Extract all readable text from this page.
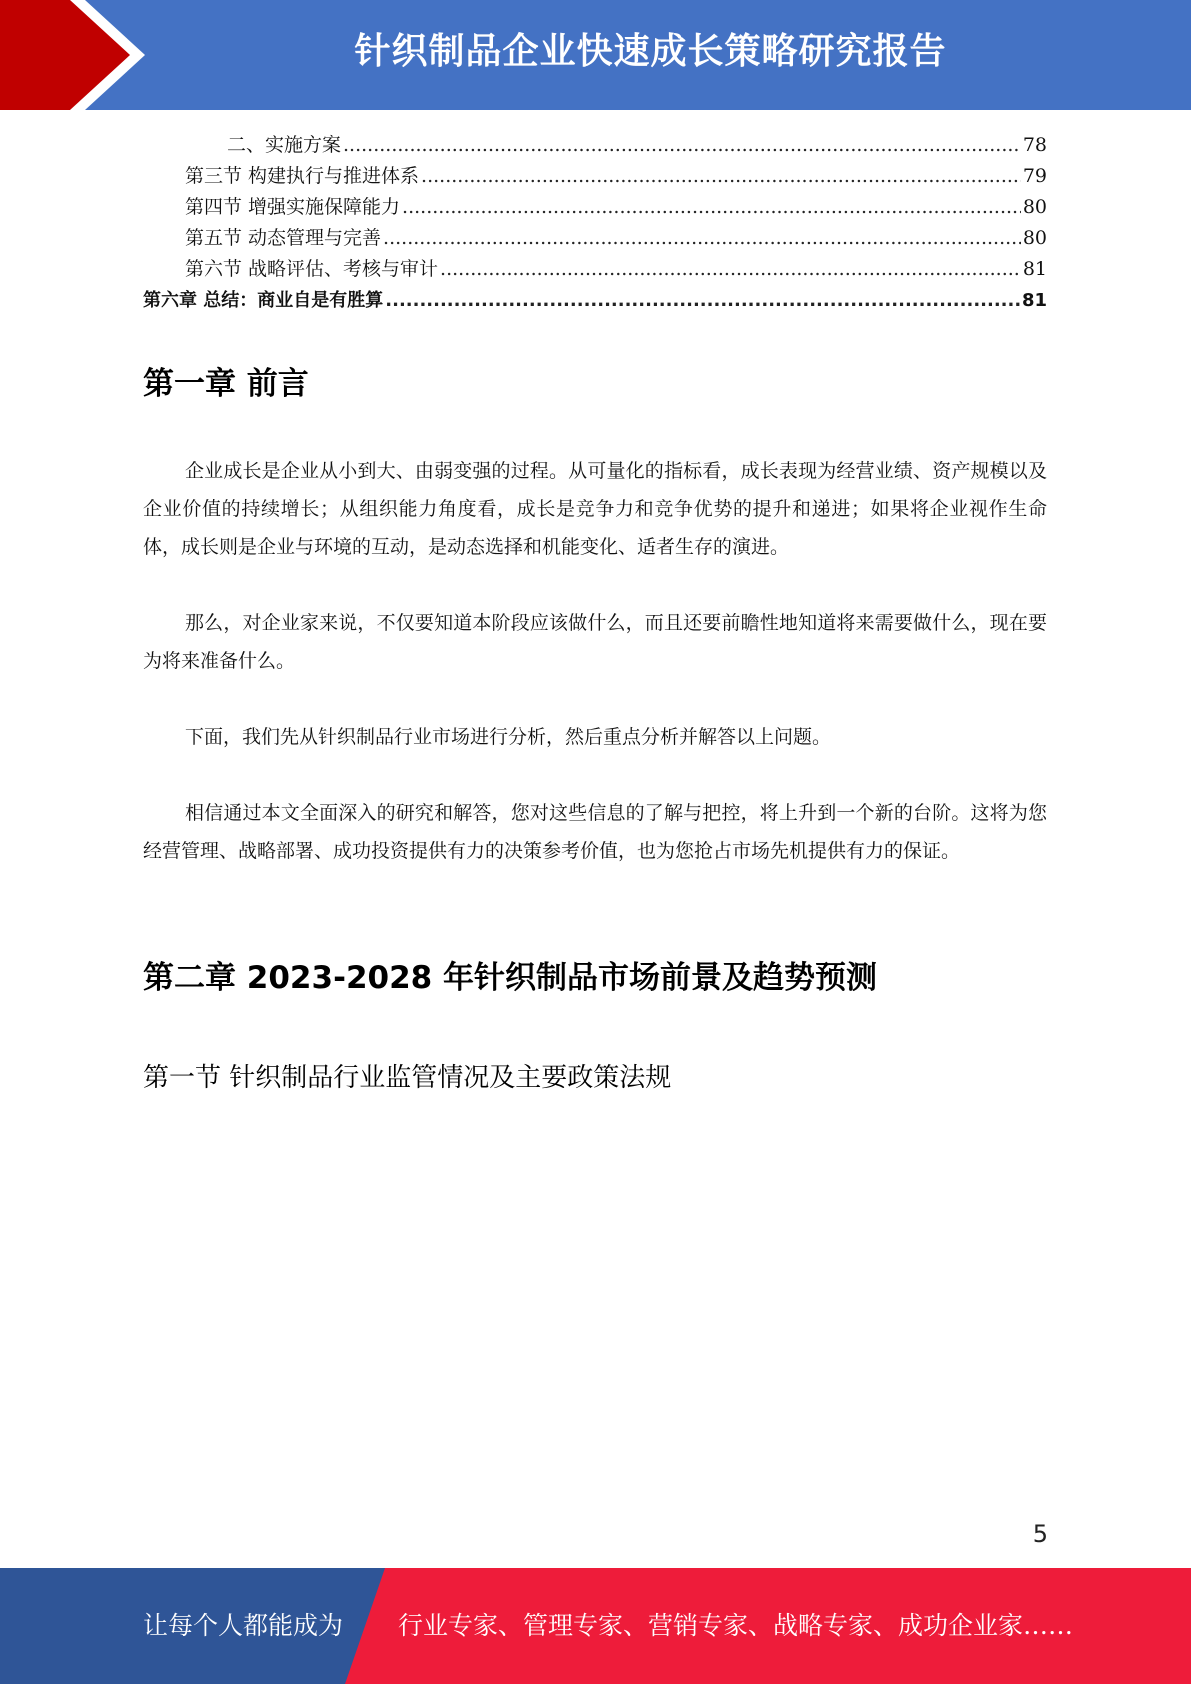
针织制品企业快速成长策略研究报告
二、实施方案 .....	78
第三节 构建执行与推进体系 .....	79
第四节 增强实施保障能力 .....	80
第五节 动态管理与完善 .....	80
第六节 战略评估、考核与审计 .....	81
第六章 总结：商业自是有胜算 .....	81
第一章 前言

企业成长是企业从小到大、由弱变强的过程。从可量化的指标看，成长表现为经营业绩、资产规模以及企业价值的持续增长；从组织能力角度看，成长是竞争力和竞争优势的提升和递进；如果将企业视作生命体，成长则是企业与环境的互动，是动态选择和机能变化、适者生存的演进。

那么，对企业家来说，不仅要知道本阶段应该做什么，而且还要前瞻性地知道将来需要做什么，现在要为将来准备什么。

下面，我们先从针织制品行业市场进行分析，然后重点分析并解答以上问题。

相信通过本文全面深入的研究和解答，您对这些信息的了解与把控，将上升到一个新的台阶。这将为您经营管理、战略部署、成功投资提供有力的决策参考价值，也为您抢占市场先机提供有力的保证。

第二章 2023-2028 年针织制品市场前景及趋势预测
第一节 针织制品行业监管情况及主要政策法规
5
让每个人都能成为 行业专家、管理专家、营销专家、战略专家、成功企业家……
